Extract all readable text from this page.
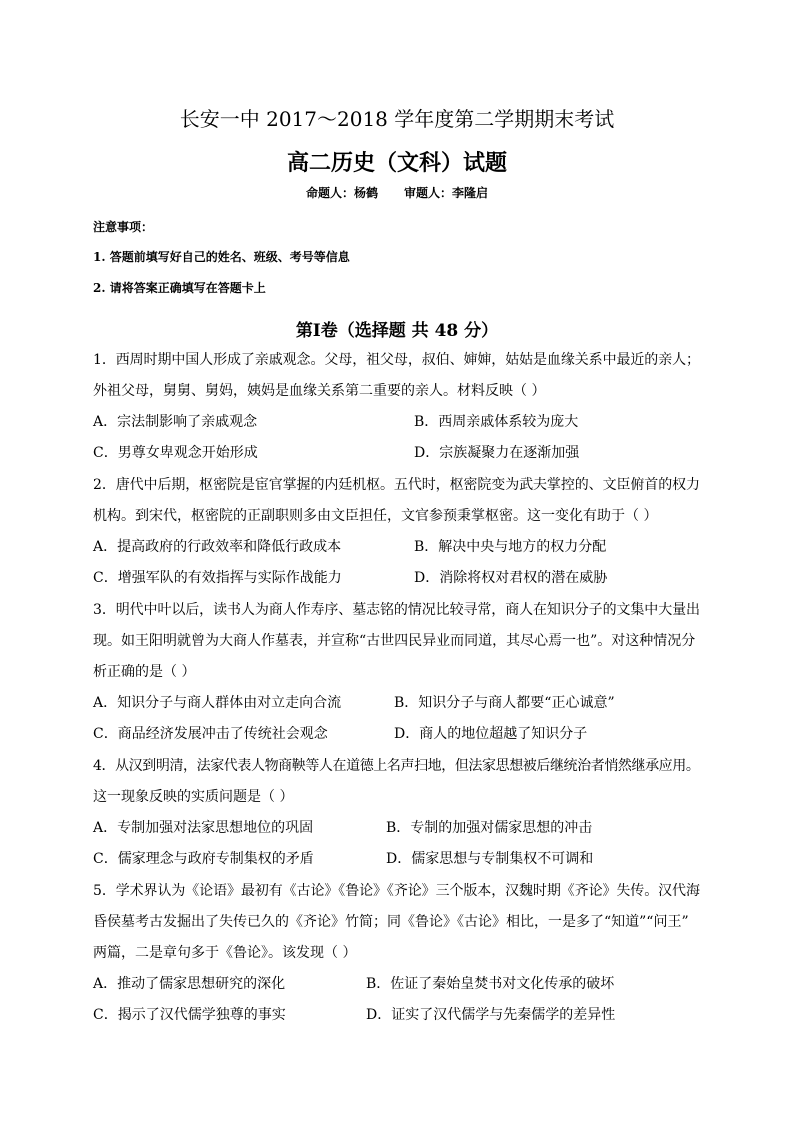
长安一中 2017～2018 学年度第二学期期末考试
高二历史（文科）试题
命题人：杨鹤 审题人：李隆启
注意事项：
1. 答题前填写好自己的姓名、班级、考号等信息
2. 请将答案正确填写在答题卡上
第Ⅰ卷（选择题 共 48 分）
1．西周时期中国人形成了亲戚观念。父母，祖父母，叔伯、婶婶，姑姑是血缘关系中最近的亲人；
外祖父母，舅舅、舅妈，姨妈是血缘关系第二重要的亲人。材料反映（ ）
A．宗法制影响了亲戚观念	B．西周亲戚体系较为庞大
C．男尊女卑观念开始形成	D．宗族凝聚力在逐渐加强
2．唐代中后期，枢密院是宦官掌握的内廷机枢。五代时，枢密院变为武夫掌控的、文臣俯首的权力
机构。到宋代，枢密院的正副职则多由文臣担任，文官参预秉掌枢密。这一变化有助于（ ）
A．提高政府的行政效率和降低行政成本	B．解决中央与地方的权力分配
C．增强军队的有效指挥与实际作战能力	D．消除将权对君权的潜在威胁
3．明代中叶以后，读书人为商人作寿序、墓志铭的情况比较寻常，商人在知识分子的文集中大量出
现。如王阳明就曾为大商人作墓表，并宣称“古世四民异业而同道，其尽心焉一也”。对这种情况分
析正确的是（ ）
A．知识分子与商人群体由对立走向合流	B．知识分子与商人都要“正心诚意”
C．商品经济发展冲击了传统社会观念	D．商人的地位超越了知识分子
4．从汉到明清，法家代表人物商鞅等人在道德上名声扫地，但法家思想被后继统治者悄然继承应用。
这一现象反映的实质问题是（ ）
A．专制加强对法家思想地位的巩固	B．专制的加强对儒家思想的冲击
C．儒家理念与政府专制集权的矛盾	D．儒家思想与专制集权不可调和
5．学术界认为《论语》最初有《古论》《鲁论》《齐论》三个版本，汉魏时期《齐论》失传。汉代海
昏侯墓考古发掘出了失传已久的《齐论》竹简；同《鲁论》《古论》相比，一是多了“知道”“问王”
两篇，二是章句多于《鲁论》。该发现（ ）
A．推动了儒家思想研究的深化	B．佐证了秦始皇焚书对文化传承的破坏
C．揭示了汉代儒学独尊的事实	D．证实了汉代儒学与先秦儒学的差异性
